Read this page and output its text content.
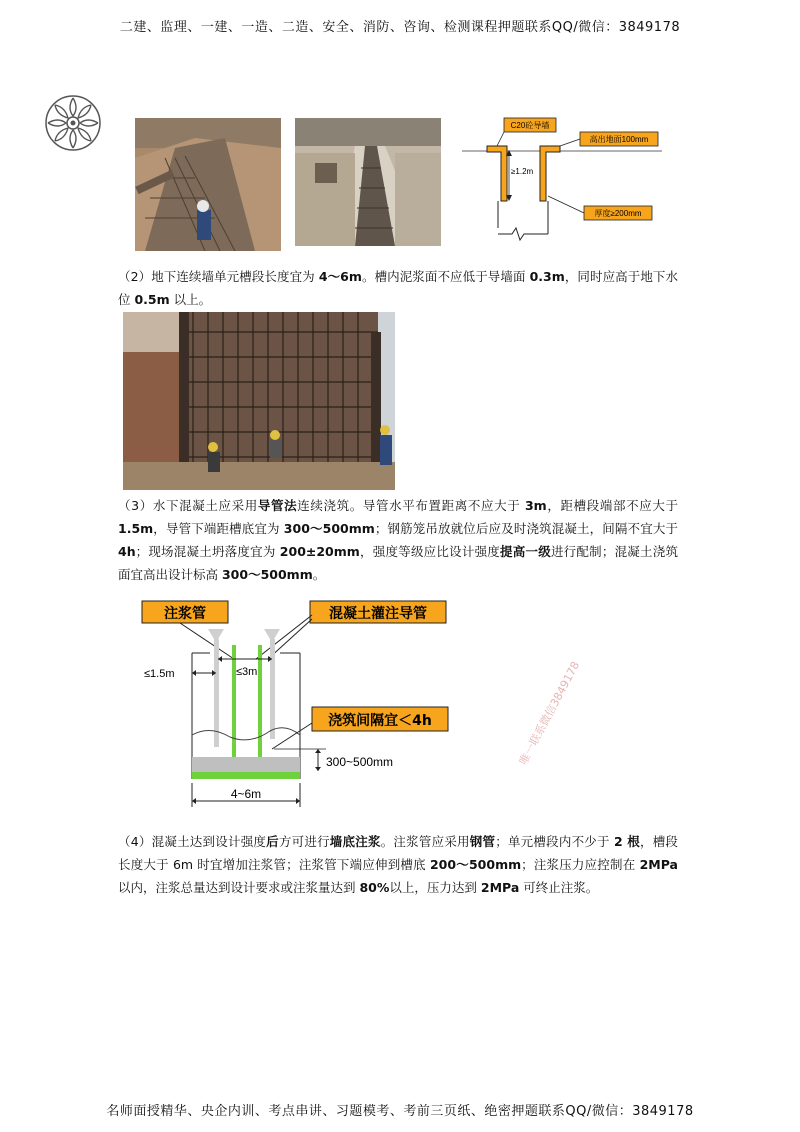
二建、监理、一建、一造、二造、安全、消防、咨询、检测课程押题联系QQ/微信：3849178
C20砼导墙
≥1.2m
高出地面100mm
厚度≥200mm
（2）地下连续墙单元槽段长度宜为 4～6m。槽内泥浆面不应低于导墙面 0.3m，同时应高于地下水位 0.5m 以上。
（3）水下混凝土应采用导管法连续浇筑。导管水平布置距离不应大于 3m，距槽段端部不应大于 1.5m，导管下端距槽底宜为 300～500mm；钢筋笼吊放就位后应及时浇筑混凝土，间隔不宜大于 4h；现场混凝土坍落度宜为 200±20mm，强度等级应比设计强度提高一级进行配制；混凝土浇筑面宜高出设计标高 300～500mm。
注浆管	混凝土灌注导管
≤1.5m	≤3m
浇筑间隔宜＜4h
300~500mm
4~6m
唯一联系微信3849178
（4）混凝土达到设计强度后方可进行墙底注浆。注浆管应采用钢管；单元槽段内不少于 2 根，槽段长度大于 6m 时宜增加注浆管；注浆管下端应伸到槽底 200～500mm；注浆压力应控制在 2MPa 以内，注浆总量达到设计要求或注浆量达到 80%以上，压力达到 2MPa 可终止注浆。
名师面授精华、央企内训、考点串讲、习题模考、考前三页纸、绝密押题联系QQ/微信：3849178
